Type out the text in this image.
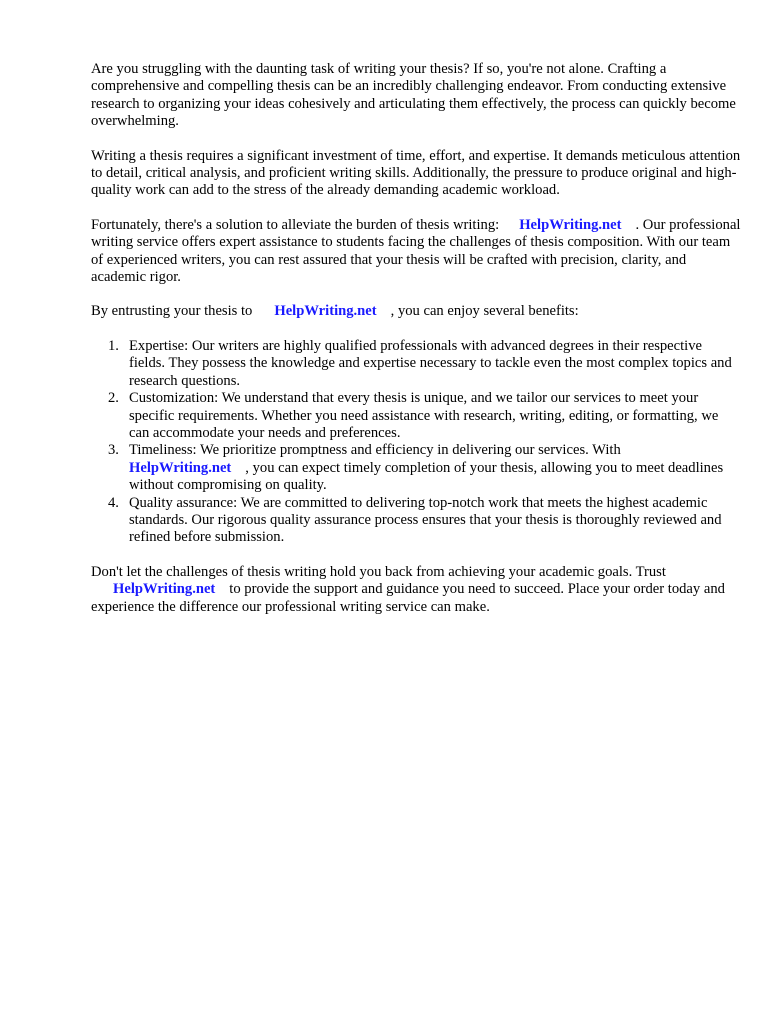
Are you struggling with the daunting task of writing your thesis? If so, you're not alone. Crafting a comprehensive and compelling thesis can be an incredibly challenging endeavor. From conducting extensive research to organizing your ideas cohesively and articulating them effectively, the process can quickly become overwhelming.

Writing a thesis requires a significant investment of time, effort, and expertise. It demands meticulous attention to detail, critical analysis, and proficient writing skills. Additionally, the pressure to produce original and high-quality work can add to the stress of the already demanding academic workload.

Fortunately, there's a solution to alleviate the burden of thesis writing: HelpWriting.net . Our professional writing service offers expert assistance to students facing the challenges of thesis composition. With our team of experienced writers, you can rest assured that your thesis will be crafted with precision, clarity, and academic rigor.

By entrusting your thesis to HelpWriting.net , you can enjoy several benefits:

1. Expertise: Our writers are highly qualified professionals with advanced degrees in their respective fields. They possess the knowledge and expertise necessary to tackle even the most complex topics and research questions.
2. Customization: We understand that every thesis is unique, and we tailor our services to meet your specific requirements. Whether you need assistance with research, writing, editing, or formatting, we can accommodate your needs and preferences.
3. Timeliness: We prioritize promptness and efficiency in delivering our services. With
HelpWriting.net , you can expect timely completion of your thesis, allowing you to meet deadlines without compromising on quality.
4. Quality assurance: We are committed to delivering top-notch work that meets the highest academic standards. Our rigorous quality assurance process ensures that your thesis is thoroughly reviewed and refined before submission.

Don't let the challenges of thesis writing hold you back from achieving your academic goals. Trust
HelpWriting.net to provide the support and guidance you need to succeed. Place your order today and experience the difference our professional writing service can make.
